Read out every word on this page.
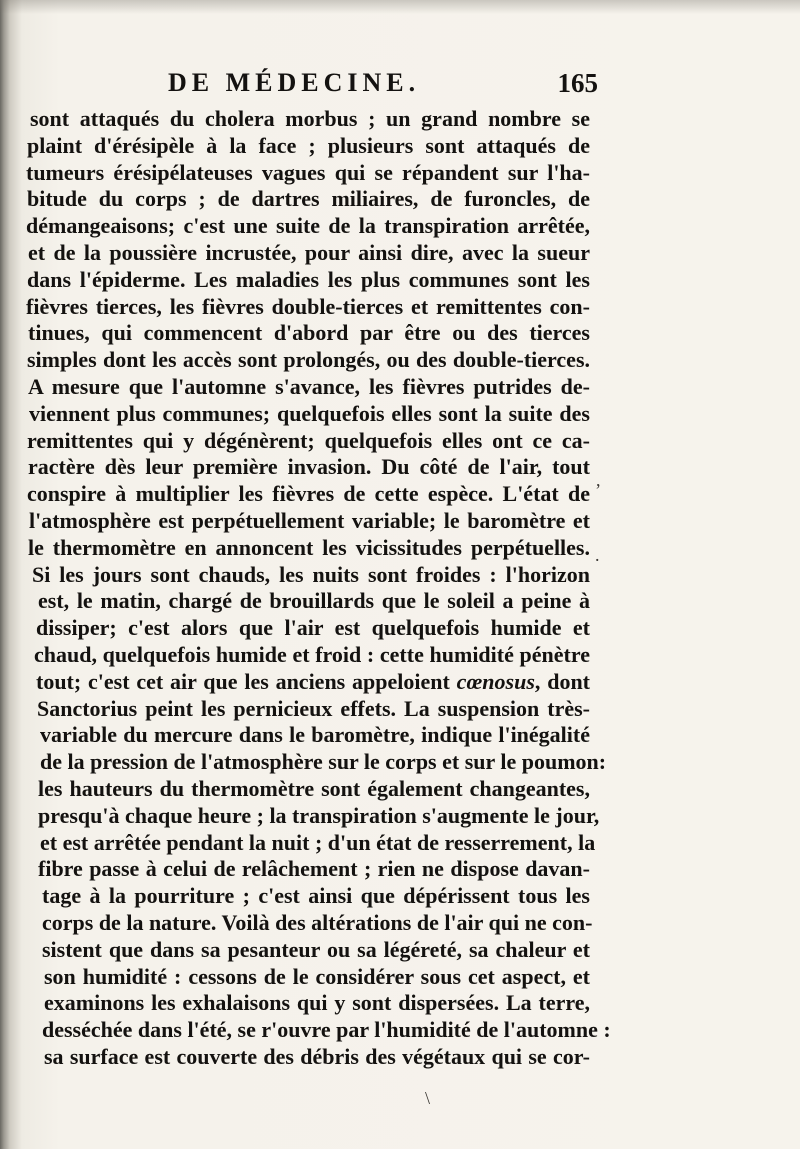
DE MÉDECINE.	165
sont attaqués du cholera morbus ; un grand nombre se
plaint d'érésipèle à la face ; plusieurs sont attaqués de
tumeurs érésipélateuses vagues qui se répandent sur l'ha-
bitude du corps ; de dartres miliaires, de furoncles, de
démangeaisons; c'est une suite de la transpiration arrêtée,
et de la poussière incrustée, pour ainsi dire, avec la sueur
dans l'épiderme. Les maladies les plus communes sont les
fièvres tierces, les fièvres double-tierces et remittentes con-
tinues, qui commencent d'abord par être ou des tierces
simples dont les accès sont prolongés, ou des double-tierces.
A mesure que l'automne s'avance, les fièvres putrides de-
viennent plus communes; quelquefois elles sont la suite des
remittentes qui y dégénèrent; quelquefois elles ont ce ca-
ractère dès leur première invasion. Du côté de l'air, tout
conspire à multiplier les fièvres de cette espèce. L'état de
l'atmosphère est perpétuellement variable; le baromètre et
le thermomètre en annoncent les vicissitudes perpétuelles.
Si les jours sont chauds, les nuits sont froides : l'horizon
est, le matin, chargé de brouillards que le soleil a peine à
dissiper; c'est alors que l'air est quelquefois humide et
chaud, quelquefois humide et froid : cette humidité pénètre
tout; c'est cet air que les anciens appeloient cœnosus, dont
Sanctorius peint les pernicieux effets. La suspension très-
variable du mercure dans le baromètre, indique l'inégalité
de la pression de l'atmosphère sur le corps et sur le poumon:
les hauteurs du thermomètre sont également changeantes,
presqu'à chaque heure ; la transpiration s'augmente le jour,
et est arrêtée pendant la nuit ; d'un état de resserrement, la
fibre passe à celui de relâchement ; rien ne dispose davan-
tage à la pourriture ; c'est ainsi que dépérissent tous les
corps de la nature. Voilà des altérations de l'air qui ne con-
sistent que dans sa pesanteur ou sa légéreté, sa chaleur et
son humidité : cessons de le considérer sous cet aspect, et
examinons les exhalaisons qui y sont dispersées. La terre,
desséchée dans l'été, se r'ouvre par l'humidité de l'automne :
sa surface est couverte des débris des végétaux qui se cor-
,
.
\
